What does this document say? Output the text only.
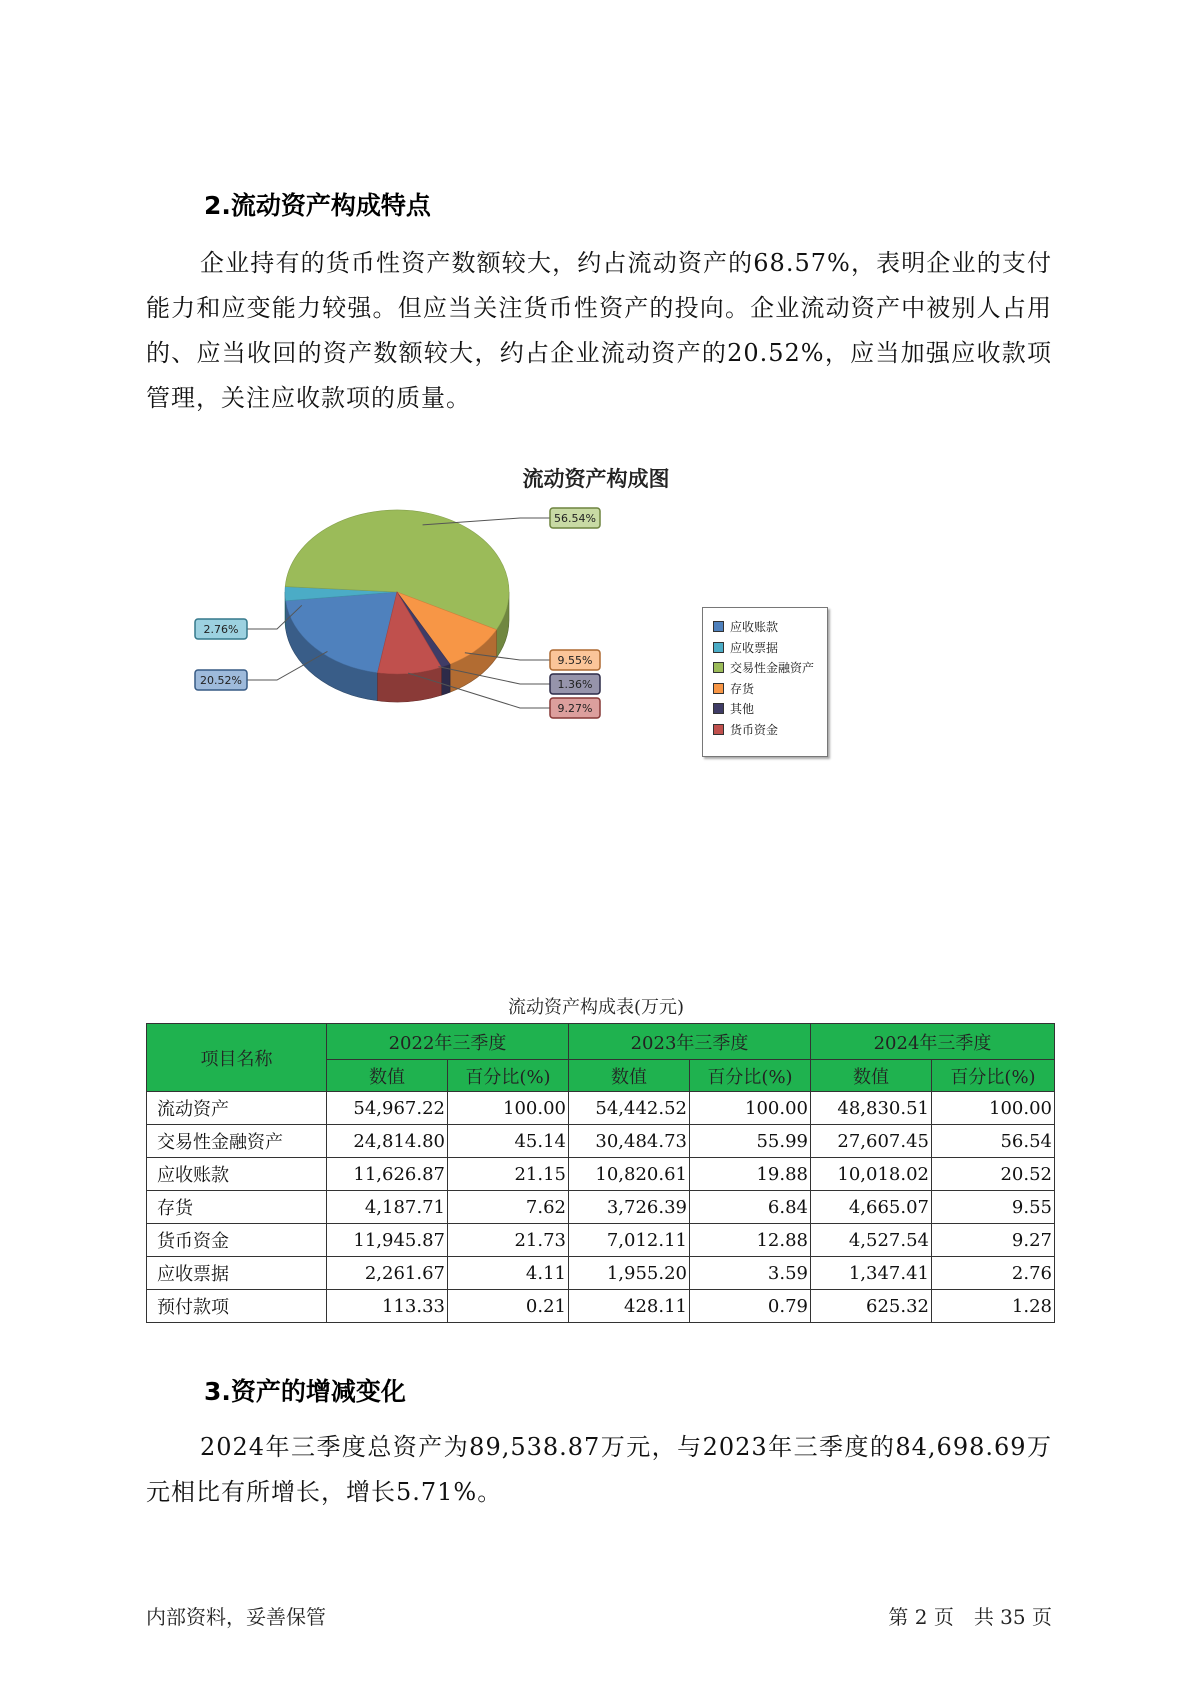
2.流动资产构成特点

企业持有的货币性资产数额较大，约占流动资产的68.57%，表明企业的支付能力和应变能力较强。但应当关注货币性资产的投向。企业流动资产中被别人占用的、应当收回的资产数额较大，约占企业流动资产的20.52%，应当加强应收款项管理，关注应收款项的质量。

流动资产构成图
20.52%
2.76%
56.54%
9.55%
1.36%
9.27%
应收账款
应收票据
交易性金融资产
存货
其他
货币资金
流动资产构成表(万元)
项目名称	2022年三季度		2023年三季度		2024年三季度	
	数值	百分比(%)	数值	百分比(%)	数值	百分比(%)
流动资产	54,967.22	100.00	54,442.52	100.00	48,830.51	100.00
交易性金融资产	24,814.80	45.14	30,484.73	55.99	27,607.45	56.54
应收账款	11,626.87	21.15	10,820.61	19.88	10,018.02	20.52
存货	4,187.71	7.62	3,726.39	6.84	4,665.07	9.55
货币资金	11,945.87	21.73	7,012.11	12.88	4,527.54	9.27
应收票据	2,261.67	4.11	1,955.20	3.59	1,347.41	2.76
预付款项	113.33	0.21	428.11	0.79	625.32	1.28
3.资产的增减变化

2024年三季度总资产为89,538.87万元，与2023年三季度的84,698.69万元相比有所增长，增长5.71%。

内部资料，妥善保管	第 2 页　共 35 页
